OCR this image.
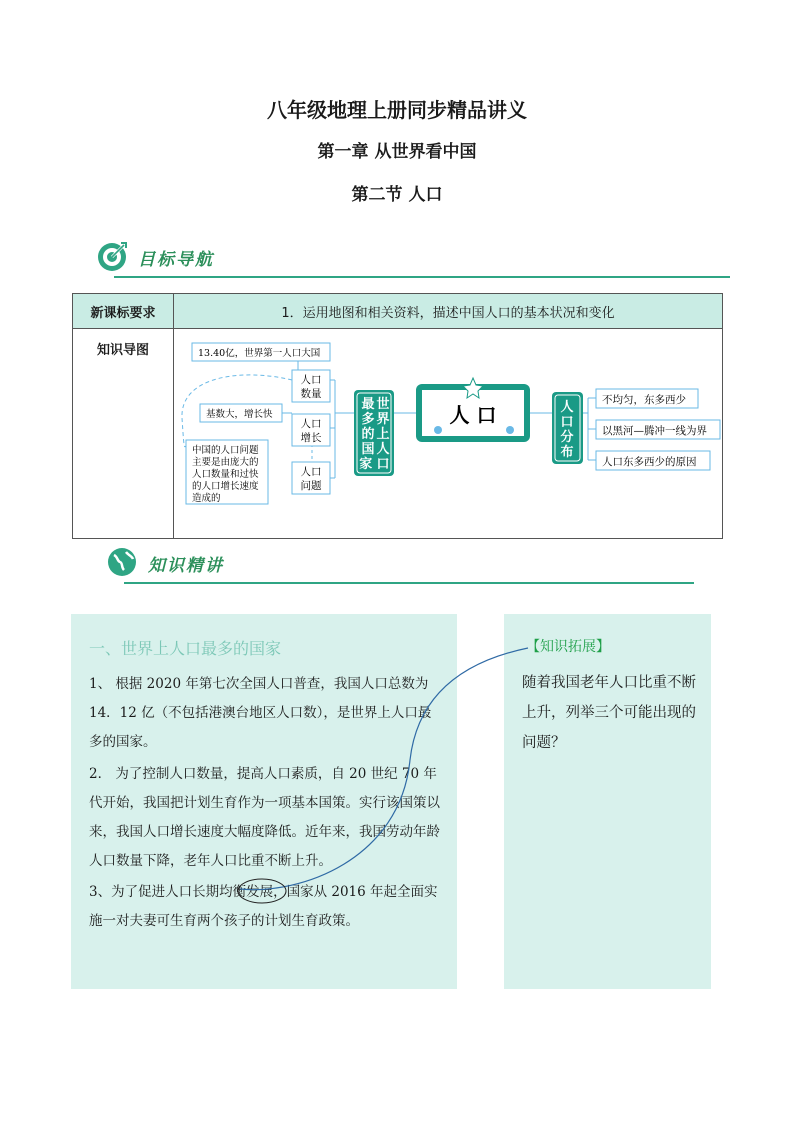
八年级地理上册同步精品讲义
第一章 从世界看中国
第二节 人口
目标导航
新课标要求	1．运用地图和相关资料，描述中国人口的基本状况和变化
知识导图		13.40亿，世界第一人口大国
基数大，增长快
中国的人口问题 主要是由庞大的 人口数量和过快 的人口增长速度 造成的
人口
数量
人口
增长
人口
问题
最多的国家 世界上人口
人 口	人口分布
不均匀，东多西少
以黑河—腾冲一线为界
人口东多西少的原因
知识精讲
一、世界上人口最多的国家
1、 根据 2020 年第七次全国人口普查，我国人口总数为 14．12 亿（不包括港澳台地区人口数），是世界上人口最多的国家。
2． 为了控制人口数量，提高人口素质，自 20 世纪 70 年代开始，我国把计划生育作为一项基本国策。实行该国策以来，我国人口增长速度大幅度降低。近年来，我国劳动年龄人口数量下降，老年人口比重不断上升。
3、为了促进人口长期均衡发展，国家从 2016 年起全面实施一对夫妻可生育两个孩子的计划生育政策。
【知识拓展】
随着我国老年人口比重不断上升，列举三个可能出现的问题？
